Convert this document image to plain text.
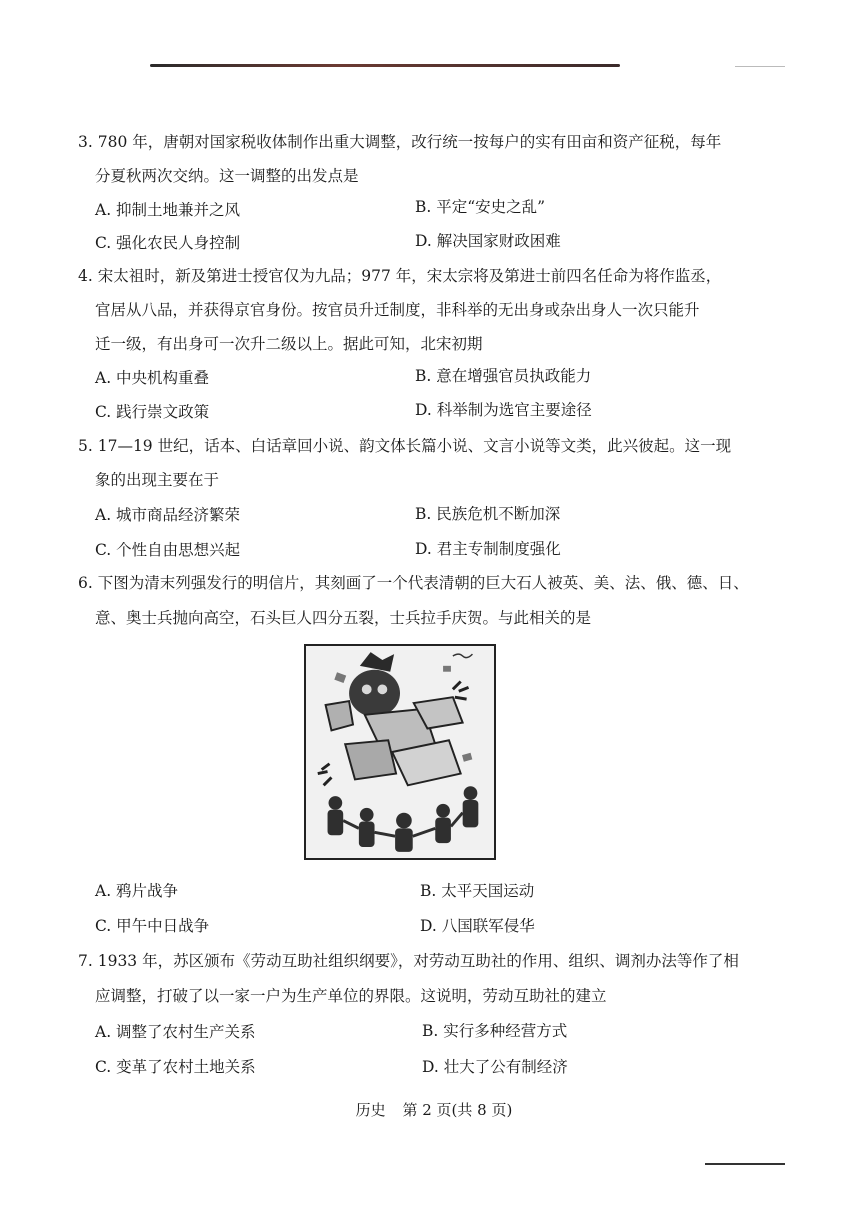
3. 780 年，唐朝对国家税收体制作出重大调整，改行统一按每户的实有田亩和资产征税，每年
分夏秋两次交纳。这一调整的出发点是
A. 抑制土地兼并之风	B. 平定“安史之乱”
C. 强化农民人身控制	D. 解决国家财政困难
4. 宋太祖时，新及第进士授官仅为九品；977 年，宋太宗将及第进士前四名任命为将作监丞，
官居从八品，并获得京官身份。按官员升迁制度，非科举的无出身或杂出身人一次只能升
迁一级，有出身可一次升二级以上。据此可知，北宋初期
A. 中央机构重叠	B. 意在增强官员执政能力
C. 践行崇文政策	D. 科举制为选官主要途径
5. 17—19 世纪，话本、白话章回小说、韵文体长篇小说、文言小说等文类，此兴彼起。这一现
象的出现主要在于
A. 城市商品经济繁荣	B. 民族危机不断加深
C. 个性自由思想兴起	D. 君主专制制度强化
6. 下图为清末列强发行的明信片，其刻画了一个代表清朝的巨大石人被英、美、法、俄、德、日、
意、奥士兵抛向高空，石头巨人四分五裂，士兵拉手庆贺。与此相关的是
A. 鸦片战争	B. 太平天国运动
C. 甲午中日战争	D. 八国联军侵华
7. 1933 年，苏区颁布《劳动互助社组织纲要》，对劳动互助社的作用、组织、调剂办法等作了相
应调整，打破了以一家一户为生产单位的界限。这说明，劳动互助社的建立
A. 调整了农村生产关系	B. 实行多种经营方式
C. 变革了农村土地关系	D. 壮大了公有制经济
历史 第 2 页(共 8 页)
